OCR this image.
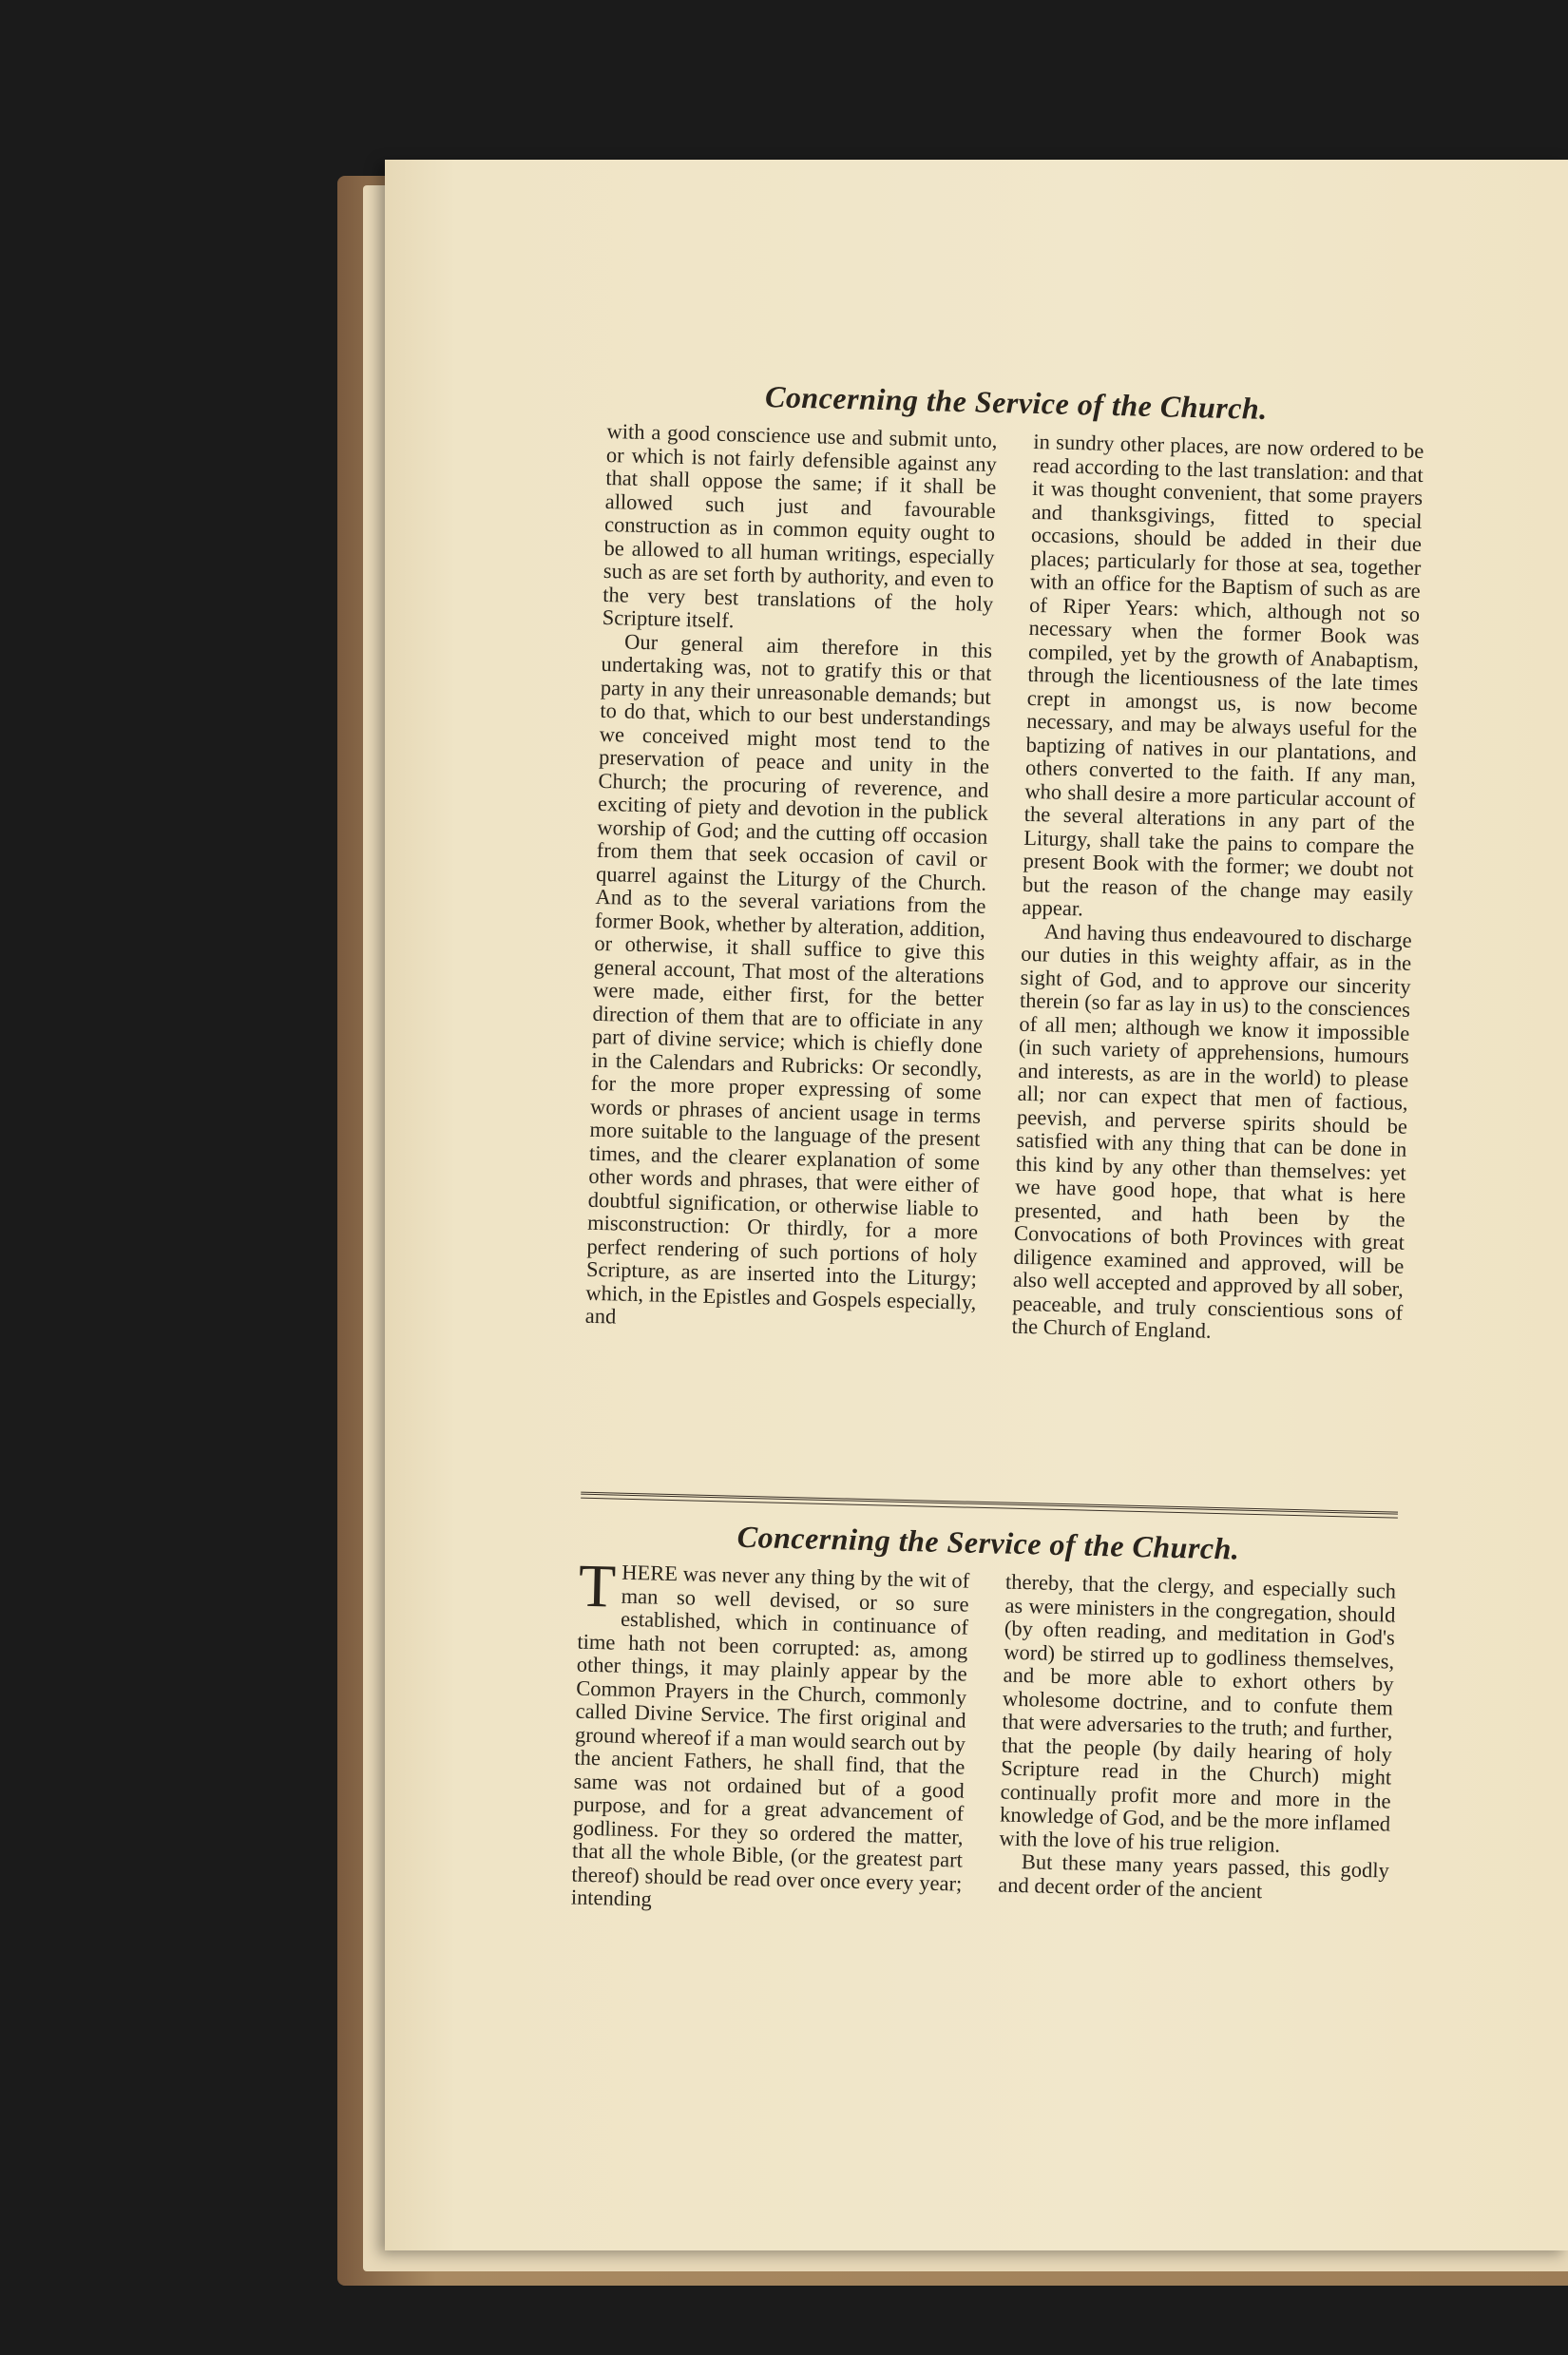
Concerning the Service of the Church.

with a good conscience use and submit unto, or which is not fairly defensible against any that shall oppose the same; if it shall be allowed such just and favourable construction as in common equity ought to be allowed to all human writings, especially such as are set forth by authority, and even to the very best translations of the holy Scripture itself.

Our general aim therefore in this undertaking was, not to gratify this or that party in any their unreasonable demands; but to do that, which to our best understandings we conceived might most tend to the preservation of peace and unity in the Church; the procuring of reverence, and exciting of piety and devotion in the publick worship of God; and the cutting off occasion from them that seek occasion of cavil or quarrel against the Liturgy of the Church. And as to the several variations from the former Book, whether by alteration, addition, or otherwise, it shall suffice to give this general account, That most of the alterations were made, either first, for the better direction of them that are to officiate in any part of divine service; which is chiefly done in the Calendars and Rubricks: Or secondly, for the more proper expressing of some words or phrases of ancient usage in terms more suitable to the language of the present times, and the clearer explanation of some other words and phrases, that were either of doubtful signification, or otherwise liable to misconstruction: Or thirdly, for a more perfect rendering of such portions of holy Scripture, as are inserted into the Liturgy; which, in the Epistles and Gospels especially, and

in sundry other places, are now ordered to be read according to the last translation: and that it was thought convenient, that some prayers and thanksgivings, fitted to special occasions, should be added in their due places; particularly for those at sea, together with an office for the Baptism of such as are of Riper Years: which, although not so necessary when the former Book was compiled, yet by the growth of Anabaptism, through the licentiousness of the late times crept in amongst us, is now become necessary, and may be always useful for the baptizing of natives in our plantations, and others converted to the faith. If any man, who shall desire a more particular account of the several alterations in any part of the Liturgy, shall take the pains to compare the present Book with the former; we doubt not but the reason of the change may easily appear.

And having thus endeavoured to discharge our duties in this weighty affair, as in the sight of God, and to approve our sincerity therein (so far as lay in us) to the consciences of all men; although we know it impossible (in such variety of apprehensions, humours and interests, as are in the world) to please all; nor can expect that men of factious, peevish, and perverse spirits should be satisfied with any thing that can be done in this kind by any other than themselves: yet we have good hope, that what is here presented, and hath been by the Convocations of both Provinces with great diligence examined and approved, will be also well accepted and approved by all sober, peaceable, and truly conscientious sons of the Church of England.

Concerning the Service of the Church.

THERE was never any thing by the wit of man so well devised, or so sure established, which in continuance of time hath not been corrupted: as, among other things, it may plainly appear by the Common Prayers in the Church, commonly called Divine Service. The first original and ground whereof if a man would search out by the ancient Fathers, he shall find, that the same was not ordained but of a good purpose, and for a great advancement of godliness. For they so ordered the matter, that all the whole Bible, (or the greatest part thereof) should be read over once every year; intending

thereby, that the clergy, and especially such as were ministers in the congregation, should (by often reading, and meditation in God's word) be stirred up to godliness themselves, and be more able to exhort others by wholesome doctrine, and to confute them that were adversaries to the truth; and further, that the people (by daily hearing of holy Scripture read in the Church) might continually profit more and more in the knowledge of God, and be the more inflamed with the love of his true religion.

But these many years passed, this godly and decent order of the ancient
